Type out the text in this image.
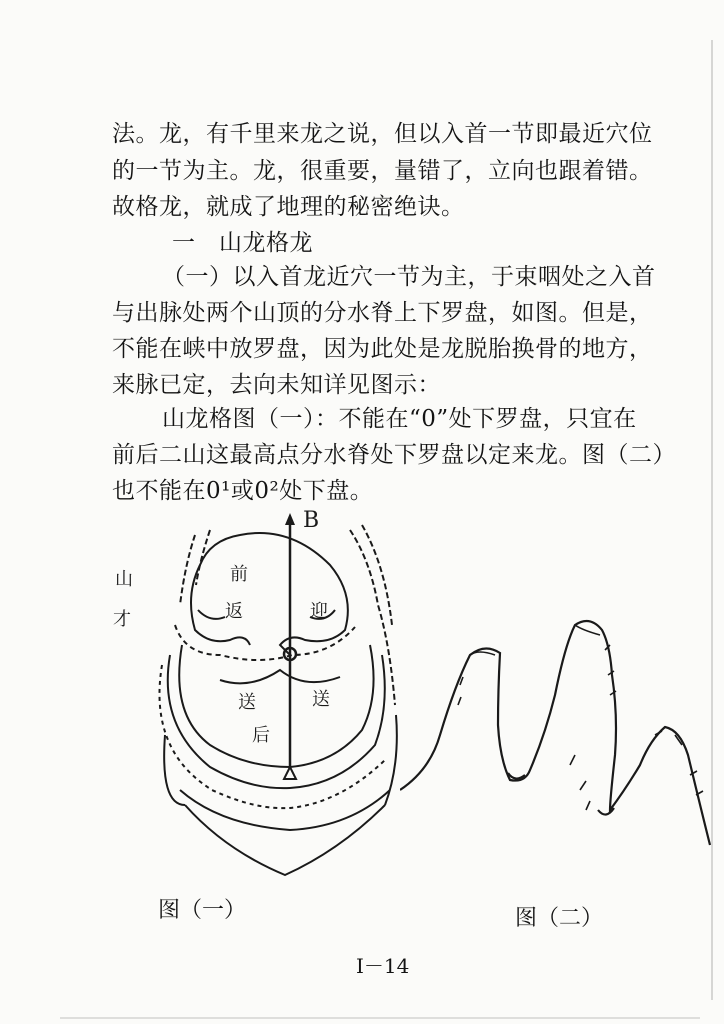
法。龙，有千里来龙之说，但以入首一节即最近穴位
的一节为主。龙，很重要，量错了，立向也跟着错。
故格龙，就成了地理的秘密绝诀。
一　山龙格龙
（一）以入首龙近穴一节为主，于束咽处之入首
与出脉处两个山顶的分水脊上下罗盘，如图。但是，
不能在峡中放罗盘，因为此处是龙脱胎换骨的地方，
来脉已定，去向未知详见图示：
山龙格图（一）：不能在“0”处下罗盘，只宜在
前后二山这最高点分水脊处下罗盘以定来龙。图（二）
也不能在0¹或0²处下盘。
B
前
返	迎
送	送
后
山
才
图（一）	图（二）
I－14
